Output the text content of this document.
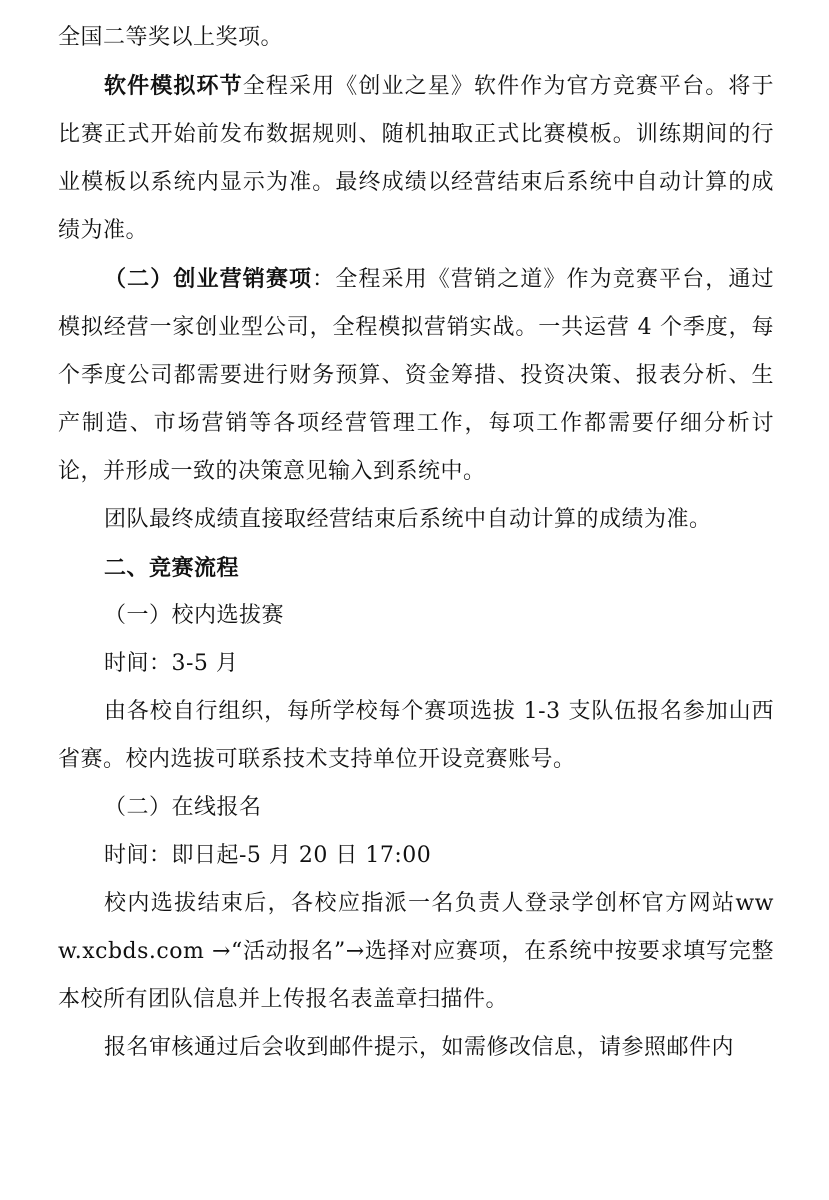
全国二等奖以上奖项。

软件模拟环节全程采用《创业之星》软件作为官方竞赛平台。将于比赛正式开始前发布数据规则、随机抽取正式比赛模板。训练期间的行业模板以系统内显示为准。最终成绩以经营结束后系统中自动计算的成绩为准。

（二）创业营销赛项：全程采用《营销之道》作为竞赛平台，通过模拟经营一家创业型公司，全程模拟营销实战。一共运营 4 个季度，每个季度公司都需要进行财务预算、资金筹措、投资决策、报表分析、生产制造、市场营销等各项经营管理工作，每项工作都需要仔细分析讨论，并形成一致的决策意见输入到系统中。

团队最终成绩直接取经营结束后系统中自动计算的成绩为准。

二、竞赛流程

（一）校内选拔赛

时间：3-5 月

由各校自行组织，每所学校每个赛项选拔 1-3 支队伍报名参加山西省赛。校内选拔可联系技术支持单位开设竞赛账号。

（二）在线报名

时间：即日起-5 月 20 日 17:00

校内选拔结束后，各校应指派一名负责人登录学创杯官方网站www.xcbds.com →“活动报名”→选择对应赛项，在系统中按要求填写完整本校所有团队信息并上传报名表盖章扫描件。

报名审核通过后会收到邮件提示，如需修改信息，请参照邮件内
